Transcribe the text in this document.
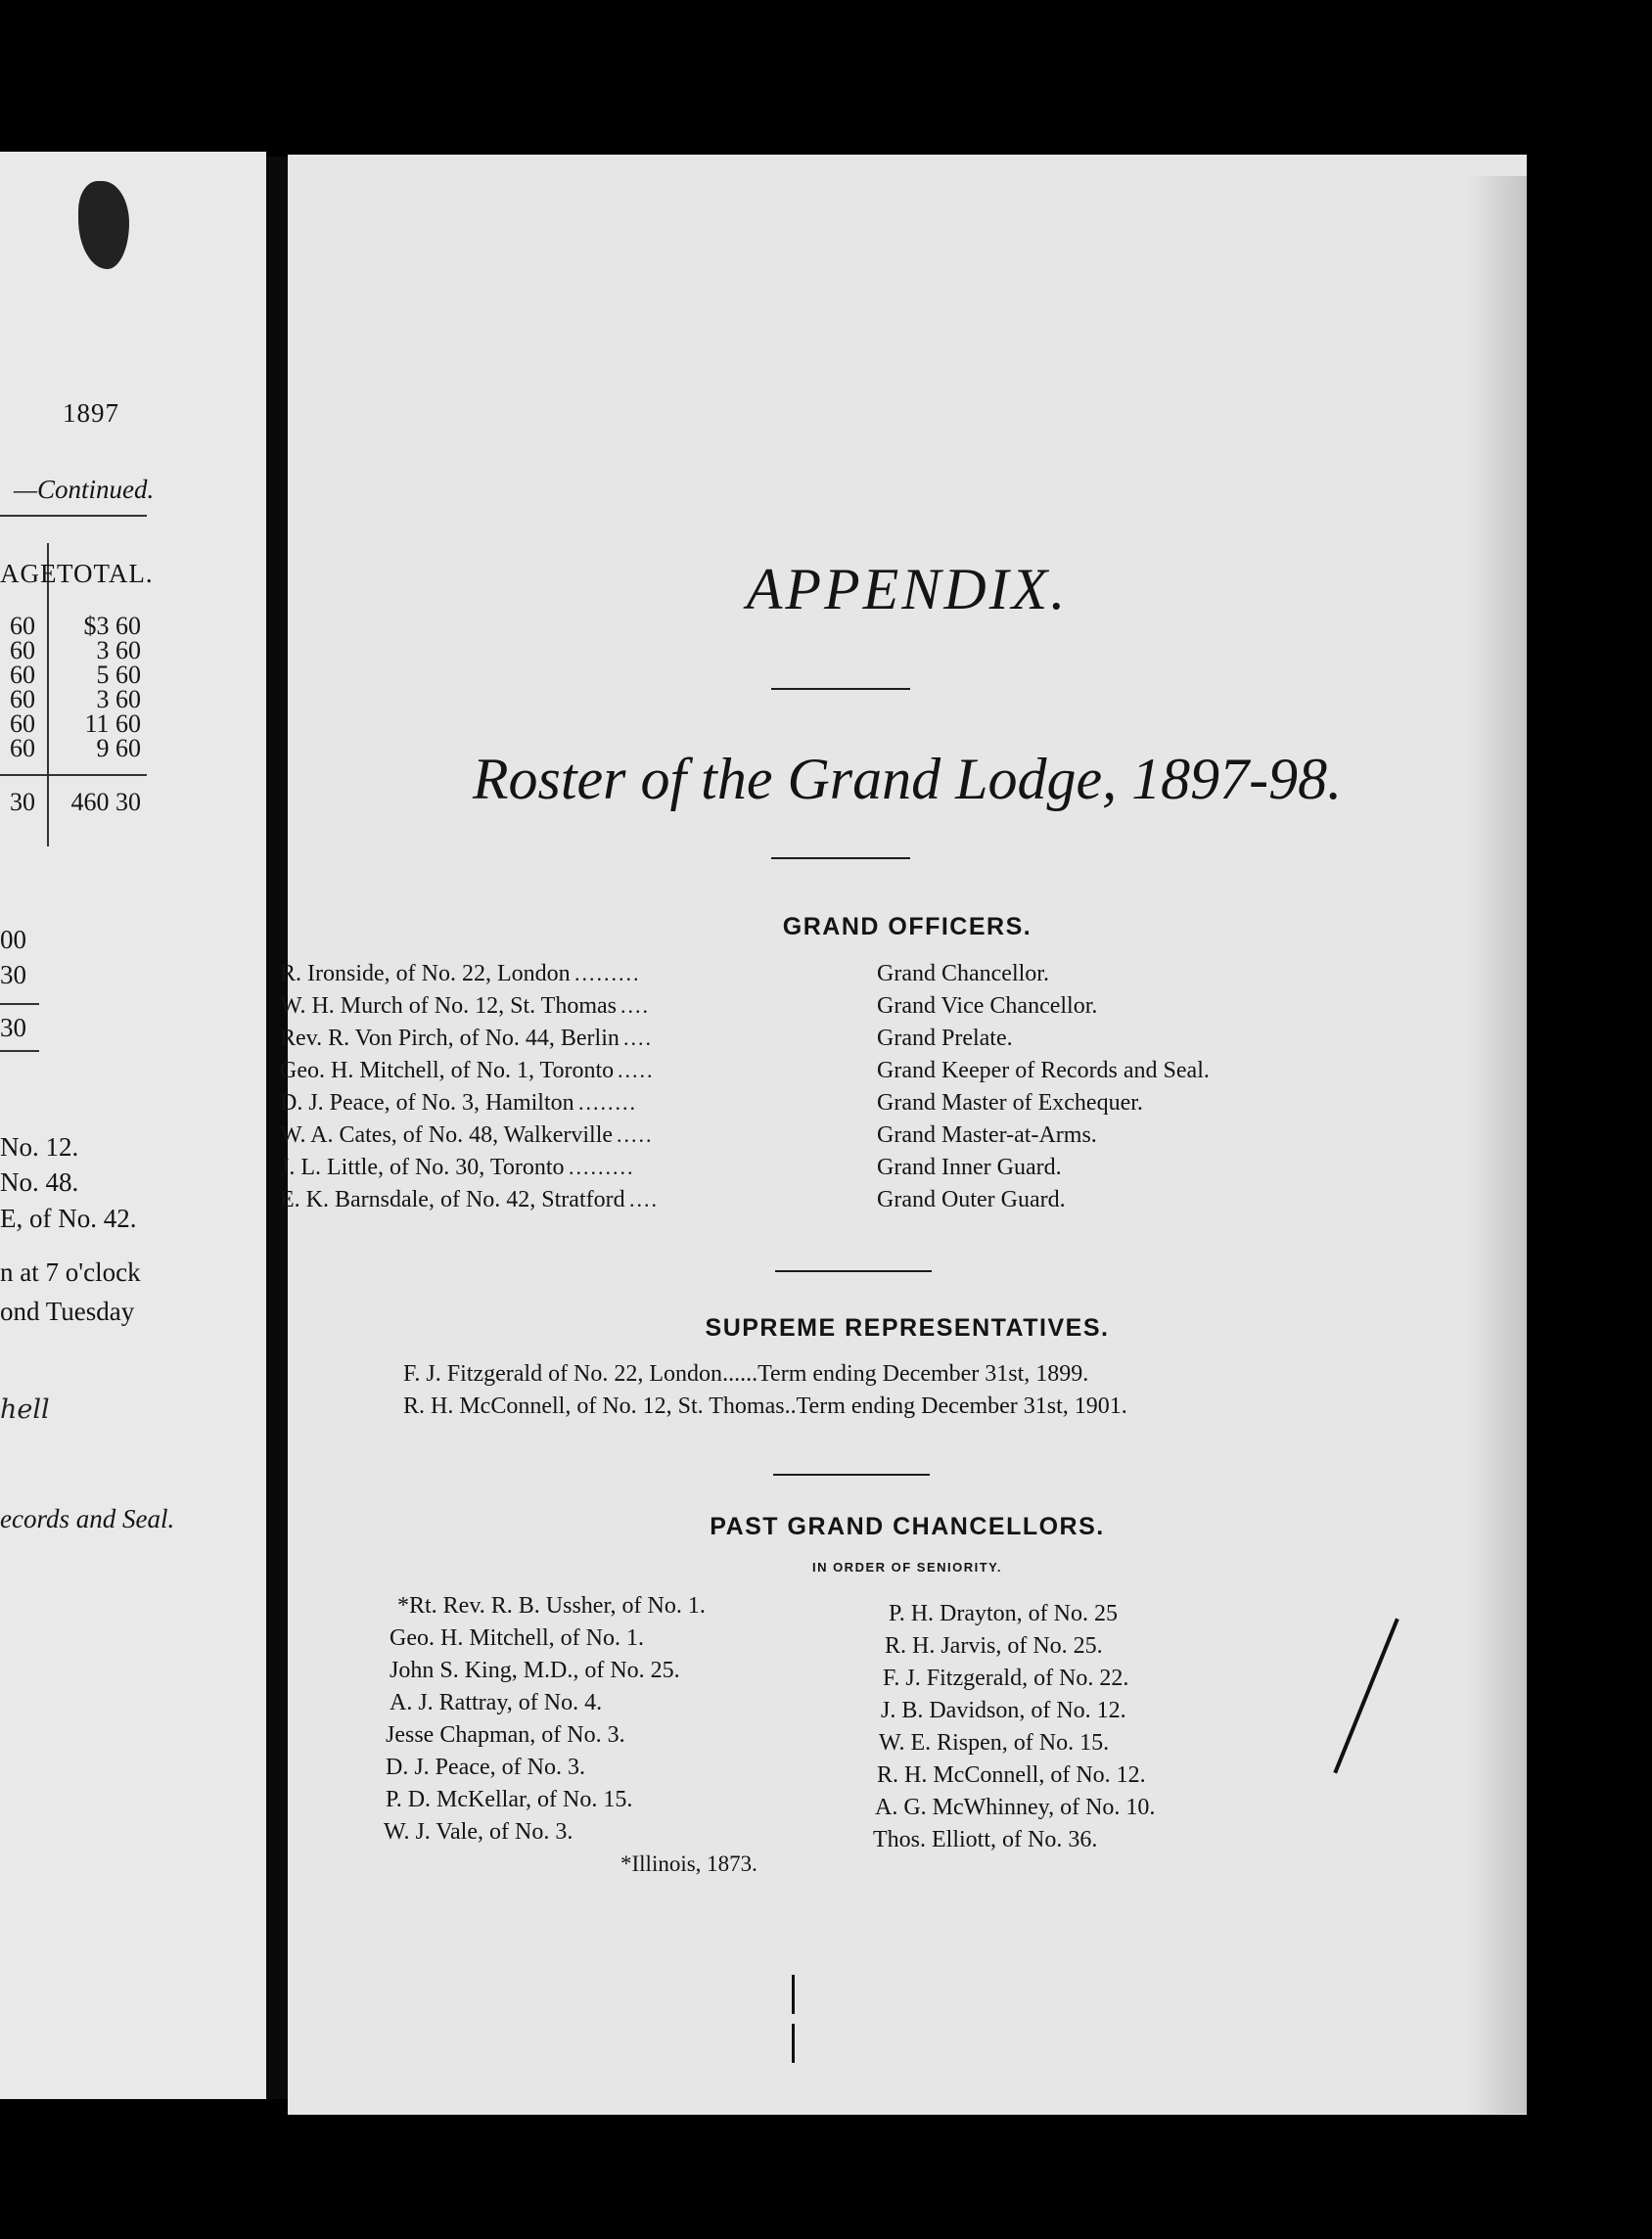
1897
—Continued.
AGE TOTAL.
60	$3 60
60	3 60
60	5 60
60	3 60
60	11 60
60	9 60
30	460 30
00
30
30
No. 12.
No. 48.
E, of No. 42.
n at 7 o'clock
ond Tuesday
hell
ecords and Seal.
APPENDIX.
Roster of the Grand Lodge, 1897-98.
GRAND OFFICERS.
R. Ironside, of No. 22, London .........	Grand Chancellor.
W. H. Murch of No. 12, St. Thomas ....	Grand Vice Chancellor.
Rev. R. Von Pirch, of No. 44, Berlin ....	Grand Prelate.
Geo. H. Mitchell, of No. 1, Toronto .....	Grand Keeper of Records and Seal.
D. J. Peace, of No. 3, Hamilton ........	Grand Master of Exchequer.
W. A. Cates, of No. 48, Walkerville .....	Grand Master-at-Arms.
J. L. Little, of No. 30, Toronto .........	Grand Inner Guard.
E. K. Barnsdale, of No. 42, Stratford ....	Grand Outer Guard.
SUPREME REPRESENTATIVES.
F. J. Fitzgerald of No. 22, London......Term ending December 31st, 1899.
R. H. McConnell, of No. 12, St. Thomas..Term ending December 31st, 1901.
PAST GRAND CHANCELLORS.
IN ORDER OF SENIORITY.
*Rt. Rev. R. B. Ussher, of No. 1.
Geo. H. Mitchell, of No. 1.
John S. King, M.D., of No. 25.
A. J. Rattray, of No. 4.
Jesse Chapman, of No. 3.
D. J. Peace, of No. 3.
P. D. McKellar, of No. 15.
W. J. Vale, of No. 3.
*Illinois, 1873.
P. H. Drayton, of No. 25
R. H. Jarvis, of No. 25.
F. J. Fitzgerald, of No. 22.
J. B. Davidson, of No. 12.
W. E. Rispen, of No. 15.
R. H. McConnell, of No. 12.
A. G. McWhinney, of No. 10.
Thos. Elliott, of No. 36.
